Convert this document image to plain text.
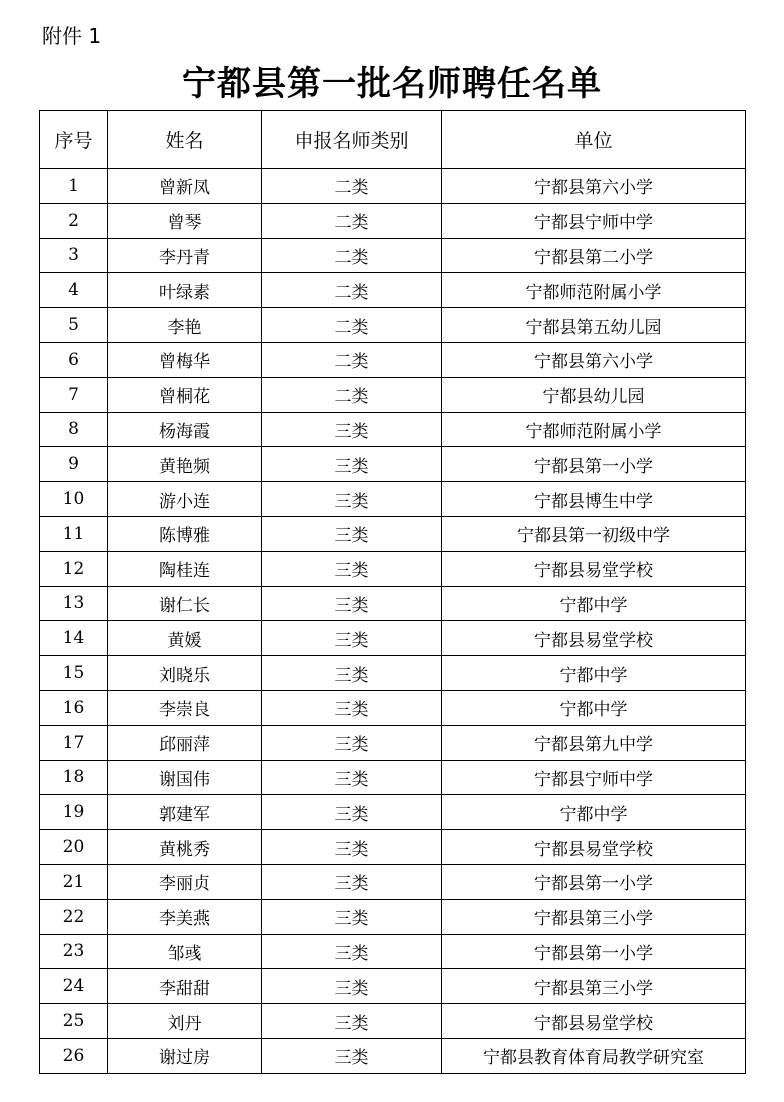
附件 1
宁都县第一批名师聘任名单
序号	姓名	申报名师类别	单位
1	曾新凤	二类	宁都县第六小学
2	曾琴	二类	宁都县宁师中学
3	李丹青	二类	宁都县第二小学
4	叶绿素	二类	宁都师范附属小学
5	李艳	二类	宁都县第五幼儿园
6	曾梅华	二类	宁都县第六小学
7	曾桐花	二类	宁都县幼儿园
8	杨海霞	三类	宁都师范附属小学
9	黄艳频	三类	宁都县第一小学
10	游小连	三类	宁都县博生中学
11	陈博雅	三类	宁都县第一初级中学
12	陶桂连	三类	宁都县易堂学校
13	谢仁长	三类	宁都中学
14	黄媛	三类	宁都县易堂学校
15	刘晓乐	三类	宁都中学
16	李崇良	三类	宁都中学
17	邱丽萍	三类	宁都县第九中学
18	谢国伟	三类	宁都县宁师中学
19	郭建军	三类	宁都中学
20	黄桃秀	三类	宁都县易堂学校
21	李丽贞	三类	宁都县第一小学
22	李美燕	三类	宁都县第三小学
23	邹彧	三类	宁都县第一小学
24	李甜甜	三类	宁都县第三小学
25	刘丹	三类	宁都县易堂学校
26	谢过房	三类	宁都县教育体育局教学研究室
